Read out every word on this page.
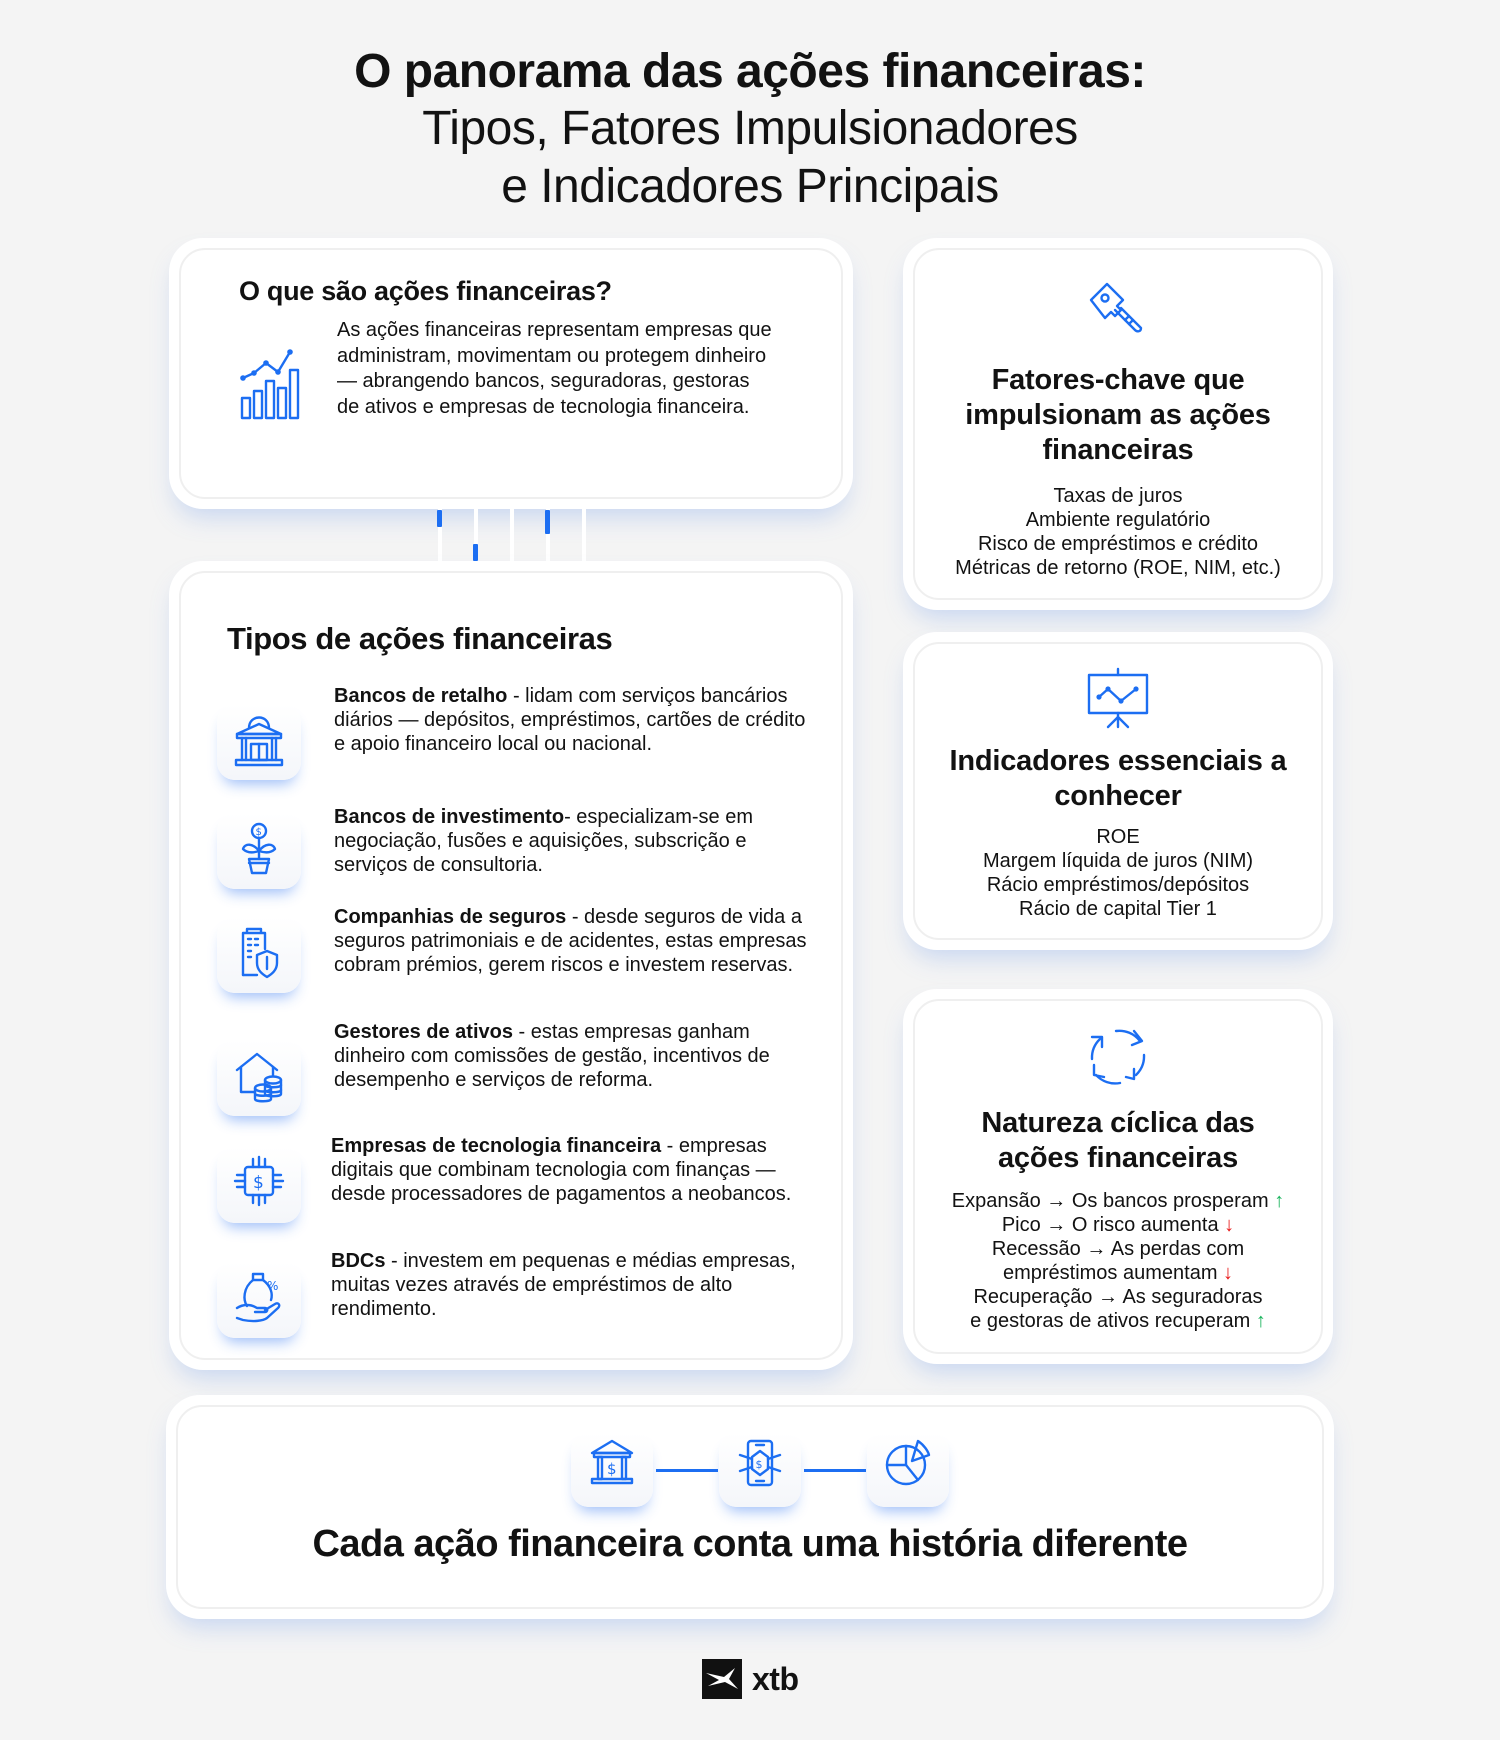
O panorama das ações financeiras:
Tipos, Fatores Impulsionadores
e Indicadores Principais
O que são ações financeiras?
As ações financeiras representam empresas que administram, movimentam ou protegem dinheiro — abrangendo bancos, seguradoras, gestoras de ativos e empresas de tecnologia financeira.
Tipos de ações financeiras
Bancos de retalho - lidam com serviços bancários diários — depósitos, empréstimos, cartões de crédito e apoio financeiro local ou nacional.
$
Bancos de investimento- especializam-se em negociação, fusões e aquisições, subscrição e serviços de consultoria.
Companhias de seguros - desde seguros de vida a seguros patrimoniais e de acidentes, estas empresas cobram prémios, gerem riscos e investem reservas.
Gestores de ativos - estas empresas ganham dinheiro com comissões de gestão, incentivos de desempenho e serviços de reforma.
$
Empresas de tecnologia financeira - empresas digitais que combinam tecnologia com finanças — desde processadores de pagamentos a neobancos.
%
BDCs - investem em pequenas e médias empresas, muitas vezes através de empréstimos de alto rendimento.
Fatores-chave que impulsionam as ações financeiras
Taxas de juros
Ambiente regulatório
Risco de empréstimos e crédito
Métricas de retorno (ROE, NIM, etc.)
Indicadores essenciais a conhecer
ROE
Margem líquida de juros (NIM)
Rácio empréstimos/depósitos
Rácio de capital Tier 1
Natureza cíclica das ações financeiras
Expansão → Os bancos prosperam ↑
Pico → O risco aumenta ↓
Recessão → As perdas com
empréstimos aumentam ↓
Recuperação → As seguradoras
e gestoras de ativos recuperam ↑
$	$
Cada ação financeira conta uma história diferente
xtb
